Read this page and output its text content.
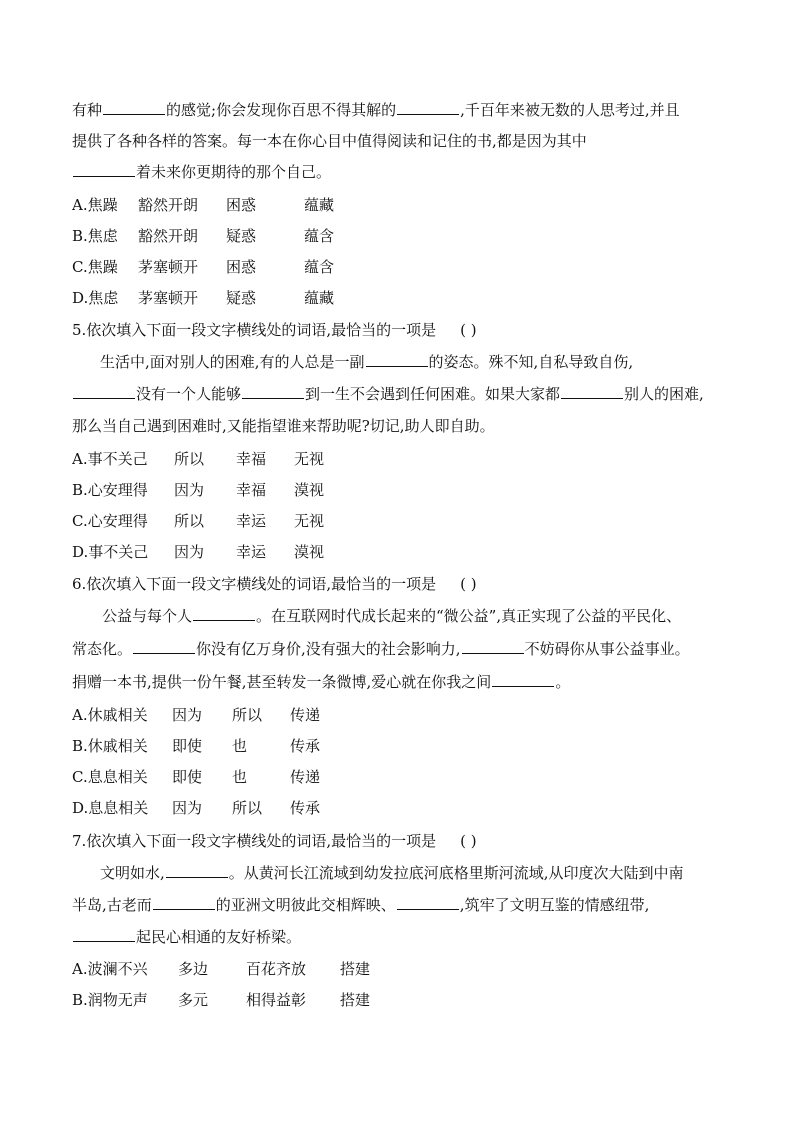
有种	的感觉;你会发现你百思不得其解的	,千百年来被无数的人思考过,并且
提供了各种各样的答案。每一本在你心目中值得阅读和记住的书,都是因为其中
着未来你更期待的那个自己。
A.焦躁 豁然开朗 困惑	蕴藏
B.焦虑 豁然开朗 疑惑	蕴含
C.焦躁 茅塞顿开 困惑	蕴含
D.焦虑 茅塞顿开 疑惑	蕴藏
5.依次填入下面一段文字横线处的词语,最恰当的一项是 ( )
生活中,面对别人的困难,有的人总是一副	的姿态。殊不知,自私导致自伤,
没有一个人能够	到一生不会遇到任何困难。如果大家都	别人的困难,
那么当自己遇到困难时,又能指望谁来帮助呢?切记,助人即自助。
A.事不关己 所以 幸福 无视
B.心安理得 因为 幸福 漠视
C.心安理得 所以 幸运 无视
D.事不关己 因为 幸运 漠视
6.依次填入下面一段文字横线处的词语,最恰当的一项是 ( )
公益与每个人	。在互联网时代成长起来的“微公益”,真正实现了公益的平民化、
常态化。	你没有亿万身价,没有强大的社会影响力,	不妨碍你从事公益事业。
捐赠一本书,提供一份午餐,甚至转发一条微博,爱心就在你我之间	。
A.休戚相关 因为 所以 传递
B.休戚相关 即使 也	传承
C.息息相关 即使 也	传递
D.息息相关 因为 所以 传承
7.依次填入下面一段文字横线处的词语,最恰当的一项是 ( )
文明如水,	。从黄河长江流域到幼发拉底河底格里斯河流域,从印度次大陆到中南
半岛,古老而	的亚洲文明彼此交相辉映、	,筑牢了文明互鉴的情感纽带,
起民心相通的友好桥梁。
A.波澜不兴 多边	百花齐放 搭建
B.润物无声 多元	相得益彰 搭建
